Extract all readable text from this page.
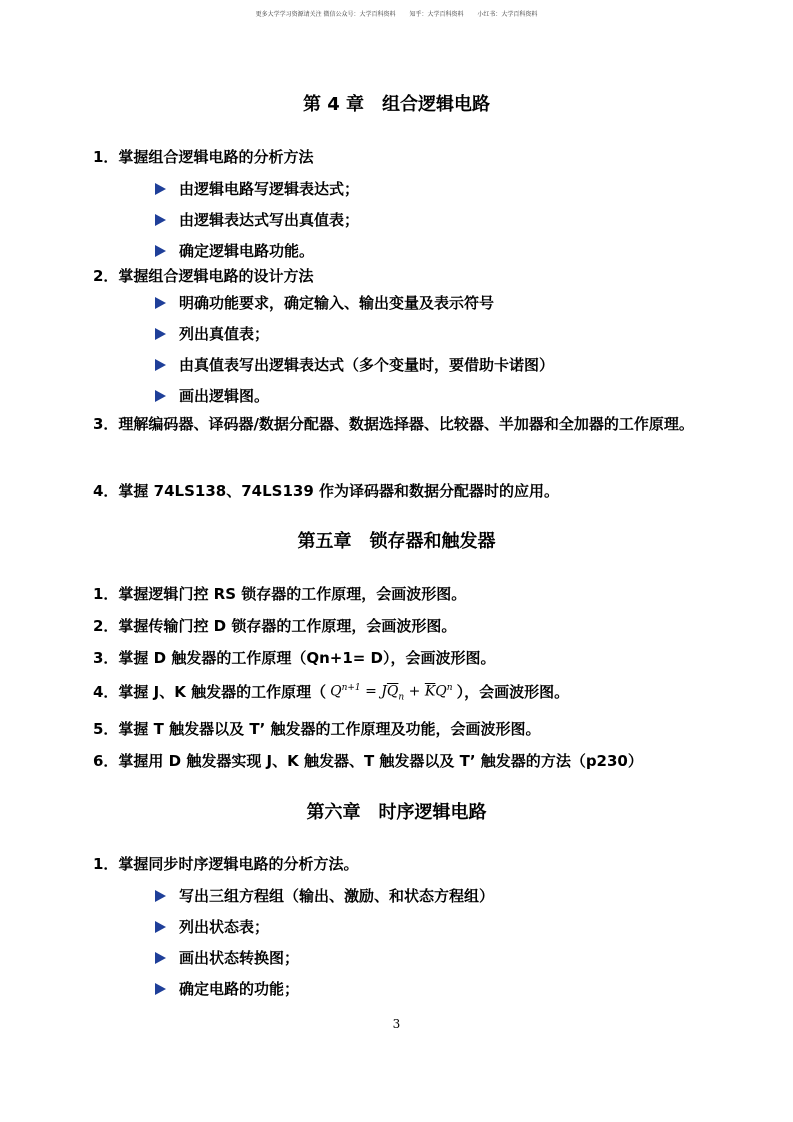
更多大学学习资源请关注 微信公众号：大学百科资料 知乎：大学百科资料 小红书：大学百科资料
第 4 章　组合逻辑电路
1．掌握组合逻辑电路的分析方法
由逻辑电路写逻辑表达式；
由逻辑表达式写出真值表；
确定逻辑电路功能。
2．掌握组合逻辑电路的设计方法
明确功能要求，确定输入、输出变量及表示符号
列出真值表；
由真值表写出逻辑表达式（多个变量时，要借助卡诺图）
画出逻辑图。
3．理解编码器、译码器/数据分配器、数据选择器、比较器、半加器和全加器的工作原理。
4．掌握 74LS138、74LS139 作为译码器和数据分配器时的应用。
第五章　锁存器和触发器
1．掌握逻辑门控 RS 锁存器的工作原理，会画波形图。
2．掌握传输门控 D 锁存器的工作原理，会画波形图。
3．掌握 D 触发器的工作原理（Qn+1= D），会画波形图。
4．掌握 J、K 触发器的工作原理（ $Q^{n+1} = J\overline{Q}_n + \overline{K}Q^n$ ），会画波形图。
5．掌握 T 触发器以及 T’ 触发器的工作原理及功能，会画波形图。
6．掌握用 D 触发器实现 J、K 触发器、T 触发器以及 T’ 触发器的方法（p230）
第六章　时序逻辑电路
1．掌握同步时序逻辑电路的分析方法。
写出三组方程组（输出、激励、和状态方程组）
列出状态表；
画出状态转换图；
确定电路的功能；
3
